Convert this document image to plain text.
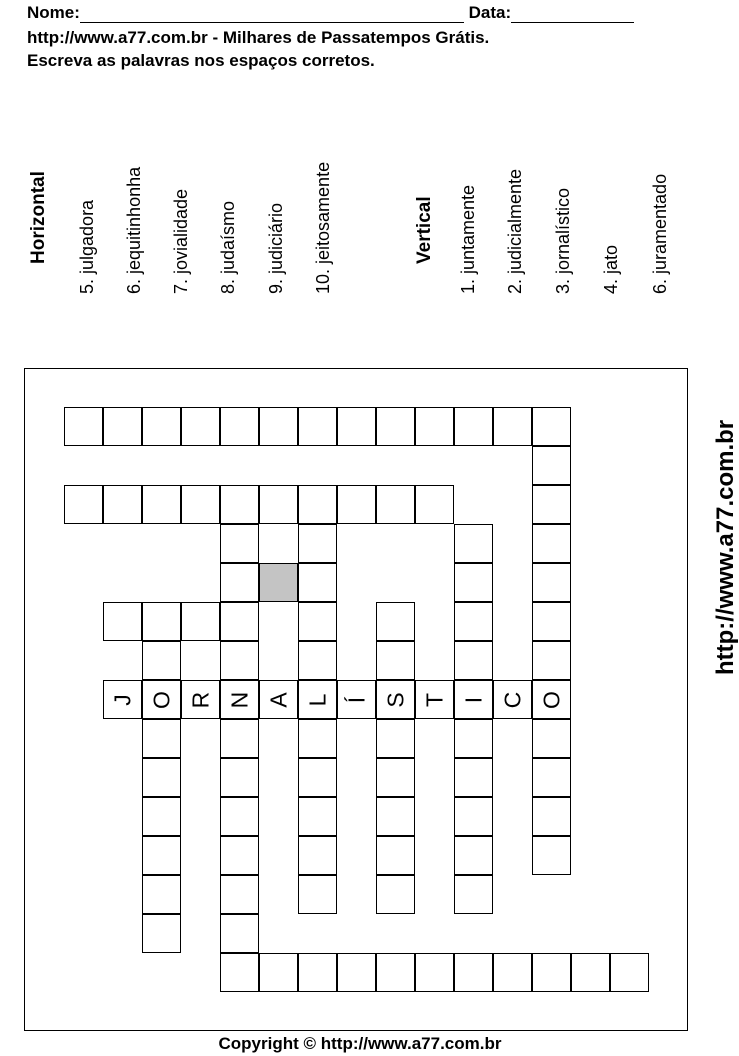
Nome:	Data:
http://www.a77.com.br - Milhares de Passatempos Grátis.
Escreva as palavras nos espaços corretos.
Horizontal 5. julgadora 6. jequitinhonha 7. jovialidade 8. judaísmo 9. judiciário 10. jeitosamente	Vertical 1. juntamente 2. judicialmente 3. jornalístico 4. jato 6. juramentado
O
N L	I
S
O
J R A Í T C
http://www.a77.com.br
Copyright © http://www.a77.com.br
